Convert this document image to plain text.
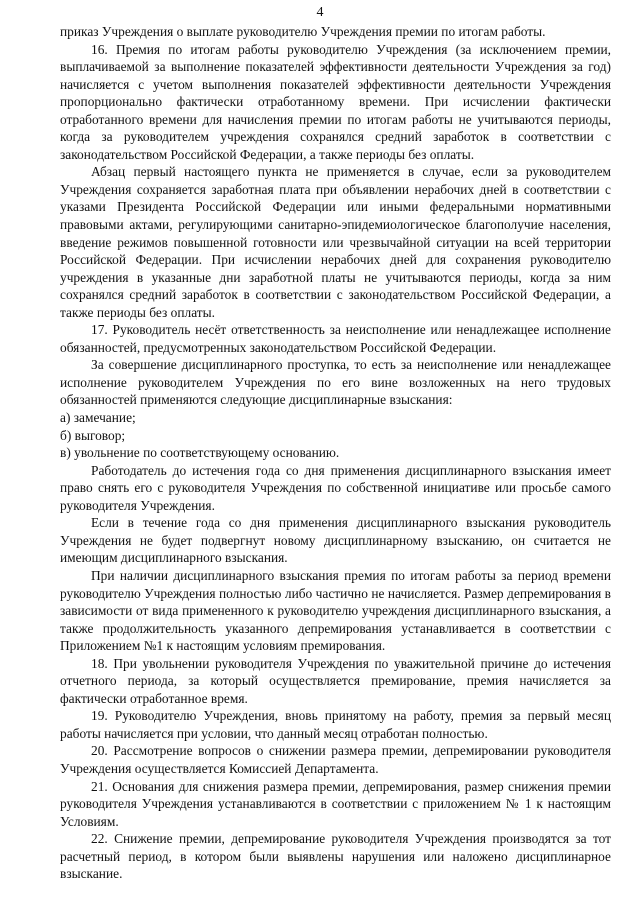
4

приказ Учреждения о выплате руководителю Учреждения премии по итогам работы.

16. Премия по итогам работы руководителю Учреждения (за исключением премии, выплачиваемой за выполнение показателей эффективности деятельности Учреждения за год) начисляется с учетом выполнения показателей эффективности деятельности Учреждения пропорционально фактически отработанному времени. При исчислении фактически отработанного времени для начисления премии по итогам работы не учитываются периоды, когда за руководителем учреждения сохранялся средний заработок в соответствии с законодательством Российской Федерации, а также периоды без оплаты.

Абзац первый настоящего пункта не применяется в случае, если за руководителем Учреждения сохраняется заработная плата при объявлении нерабочих дней в соответствии с указами Президента Российской Федерации или иными федеральными нормативными правовыми актами, регулирующими санитарно-эпидемиологическое благополучие населения, введение режимов повышенной готовности или чрезвычайной ситуации на всей территории Российской Федерации. При исчислении нерабочих дней для сохранения руководителю учреждения в указанные дни заработной платы не учитываются периоды, когда за ним сохранялся средний заработок в соответствии с законодательством Российской Федерации, а также периоды без оплаты.

17. Руководитель несёт ответственность за неисполнение или ненадлежащее исполнение обязанностей, предусмотренных законодательством Российской Федерации.

За совершение дисциплинарного проступка, то есть за неисполнение или ненадлежащее исполнение руководителем Учреждения по его вине возложенных на него трудовых обязанностей применяются следующие дисциплинарные взыскания:

а) замечание;

б) выговор;

в) увольнение по соответствующему основанию.

Работодатель до истечения года со дня применения дисциплинарного взыскания имеет право снять его с руководителя Учреждения по собственной инициативе или просьбе самого руководителя Учреждения.

Если в течение года со дня применения дисциплинарного взыскания руководитель Учреждения не будет подвергнут новому дисциплинарному взысканию, он считается не имеющим дисциплинарного взыскания.

При наличии дисциплинарного взыскания премия по итогам работы за период времени руководителю Учреждения полностью либо частично не начисляется. Размер депремирования в зависимости от вида примененного к руководителю учреждения дисциплинарного взыскания, а также продолжительность указанного депремирования устанавливается в соответствии с Приложением №1 к настоящим условиям премирования.

18. При увольнении руководителя Учреждения по уважительной причине до истечения отчетного периода, за который осуществляется премирование, премия начисляется за фактически отработанное время.

19. Руководителю Учреждения, вновь принятому на работу, премия за первый месяц работы начисляется при условии, что данный месяц отработан полностью.

20. Рассмотрение вопросов о снижении размера премии, депремировании руководителя Учреждения осуществляется Комиссией Департамента.

21. Основания для снижения размера премии, депремирования, размер снижения премии руководителя Учреждения устанавливаются в соответствии с приложением № 1 к настоящим Условиям.

22. Снижение премии, депремирование руководителя Учреждения производятся за тот расчетный период, в котором были выявлены нарушения или наложено дисциплинарное взыскание.
